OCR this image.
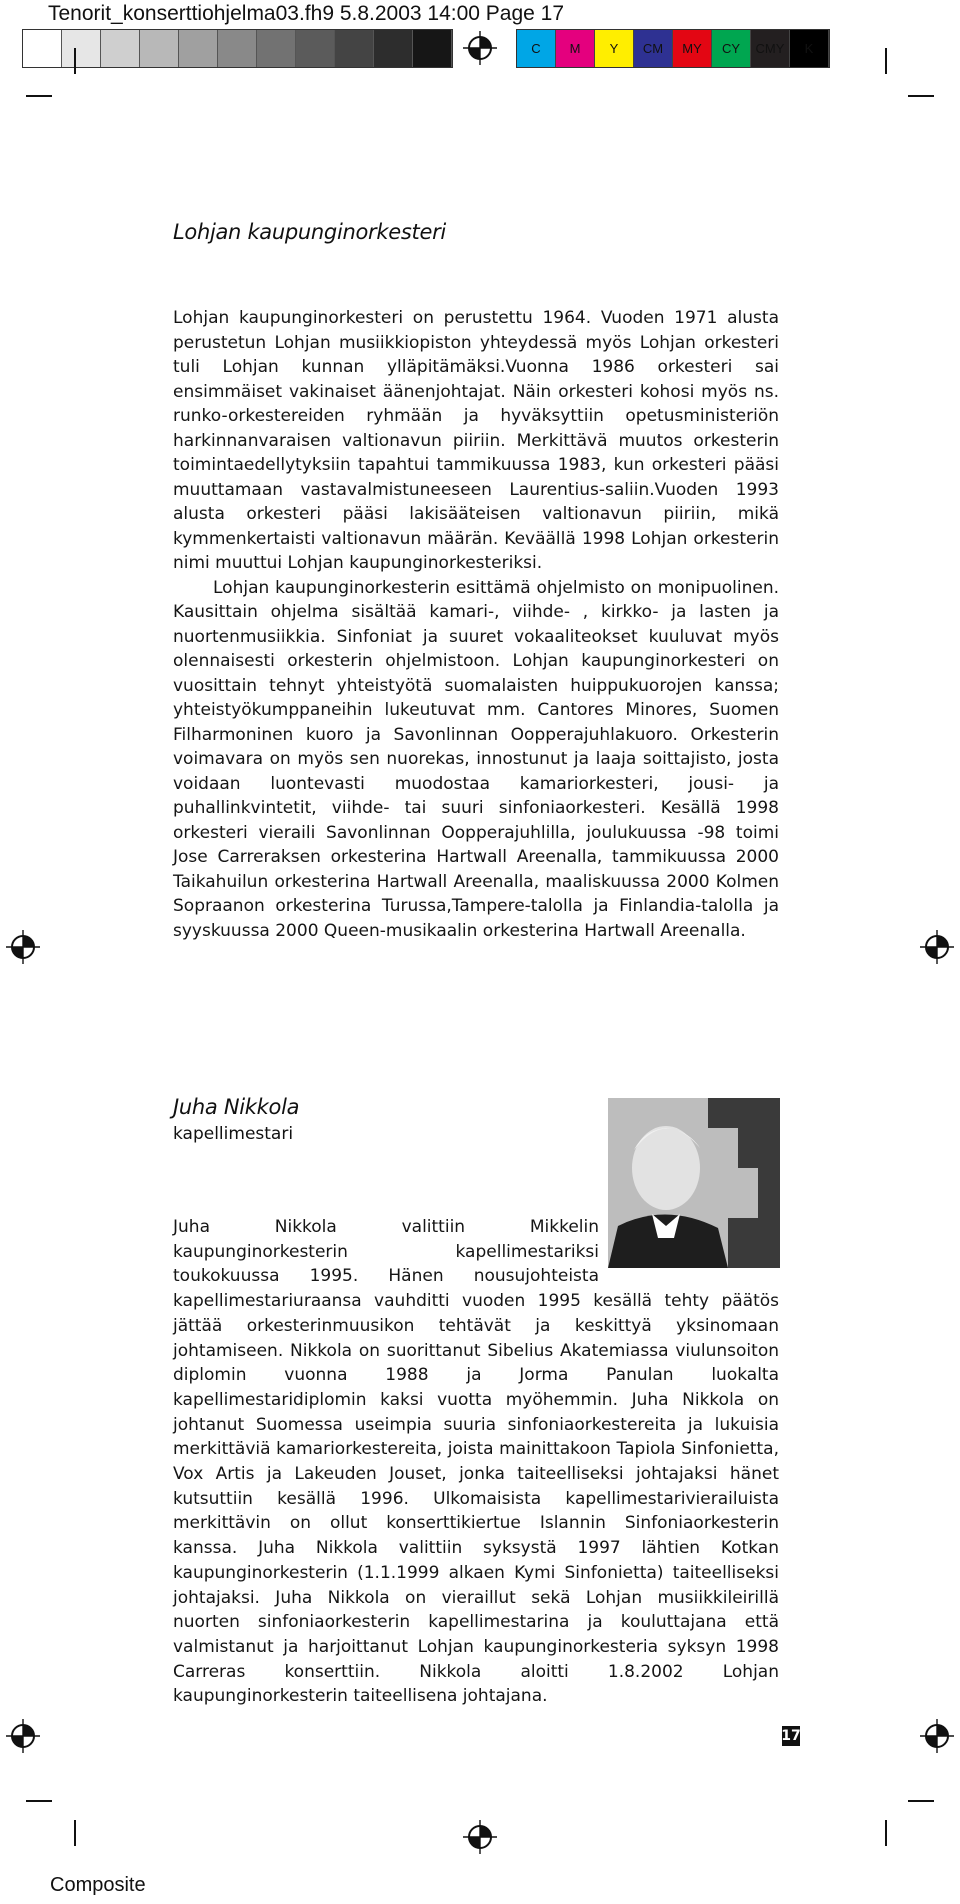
Tenorit_konserttiohjelma03.fh9 5.8.2003 14:00 Page 17
C	M	Y	CM	MY	CY	CMY	K
Lohjan kaupunginorkesteri

Lohjan kaupunginorkesteri on perustettu 1964. Vuoden 1971 alusta perustetun Lohjan musiikkiopiston yhteydessä myös Lohjan orkesteri tuli Lohjan kunnan ylläpitämäksi.Vuonna 1986 orkesteri sai ensimmäiset vakinaiset äänenjohtajat. Näin orkesteri kohosi myös ns. runko-orkestereiden ryhmään ja hyväksyttiin opetusministeriön harkinnanvaraisen valtionavun piiriin. Merkittävä muutos orkesterin toimintaedellytyksiin tapahtui tammikuussa 1983, kun orkesteri pääsi muuttamaan vastavalmistuneeseen Laurentius-saliin.Vuoden 1993 alusta orkesteri pääsi lakisääteisen valtionavun piiriin, mikä kymmenkertaisti valtionavun määrän. Keväällä 1998 Lohjan orkesterin nimi muuttui Lohjan kaupunginorkesteriksi.

Lohjan kaupunginorkesterin esittämä ohjelmisto on monipuolinen. Kausittain ohjelma sisältää kamari-, viihde- , kirkko- ja lasten ja nuortenmusiikkia. Sinfoniat ja suuret vokaaliteokset kuuluvat myös olennaisesti orkesterin ohjelmistoon. Lohjan kaupunginorkesteri on vuosittain tehnyt yhteistyötä suomalaisten huippukuorojen kanssa; yhteistyökumppaneihin lukeutuvat mm. Cantores Minores, Suomen Filharmoninen kuoro ja Savonlinnan Oopperajuhlakuoro. Orkesterin voimavara on myös sen nuorekas, innostunut ja laaja soittajisto, josta voidaan luontevasti muodostaa kamariorkesteri, jousi- ja puhallinkvintetit, viihde- tai suuri sinfoniaorkesteri. Kesällä 1998 orkesteri vieraili Savonlinnan Oopperajuhlilla, joulukuussa -98 toimi Jose Carreraksen orkesterina Hartwall Areenalla, tammikuussa 2000 Taikahuilun orkesterina Hartwall Areenalla, maaliskuussa 2000 Kolmen Sopraanon orkesterina Turussa,Tampere-talolla ja Finlandia-talolla ja syyskuussa 2000 Queen-musikaalin orkesterina Hartwall Areenalla.

Juha Nikkola
kapellimestari
Juha Nikkola valittiin Mikkelin kaupunginorkesterin kapellimestariksi toukokuussa 1995. Hänen nousujohteista kapellimestariuraansa vauhditti vuoden 1995 kesällä tehty päätös jättää orkesterinmuusikon tehtävät ja keskittyä yksinomaan johtamiseen. Nikkola on suorittanut Sibelius Akatemiassa viulunsoiton diplomin vuonna 1988 ja Jorma Panulan luokalta kapellimestaridiplomin kaksi vuotta myöhemmin. Juha Nikkola on johtanut Suomessa useimpia suuria sinfoniaorkestereita ja lukuisia merkittäviä kamariorkestereita, joista mainittakoon Tapiola Sinfonietta, Vox Artis ja Lakeuden Jouset, jonka taiteelliseksi johtajaksi hänet kutsuttiin kesällä 1996. Ulkomaisista kapellimestarivierailuista merkittävin on ollut konserttikiertue Islannin Sinfoniaorkesterin kanssa. Juha Nikkola valittiin syksystä 1997 lähtien Kotkan kaupunginorkesterin (1.1.1999 alkaen Kymi Sinfonietta) taiteelliseksi johtajaksi. Juha Nikkola on vieraillut sekä Lohjan musiikkileirillä nuorten sinfoniaorkesterin kapellimestarina ja kouluttajana että valmistanut ja harjoittanut Lohjan kaupunginorkesteria syksyn 1998 Carreras konserttiin. Nikkola aloitti 1.8.2002 Lohjan kaupunginorkesterin taiteellisena johtajana.
17
Composite
